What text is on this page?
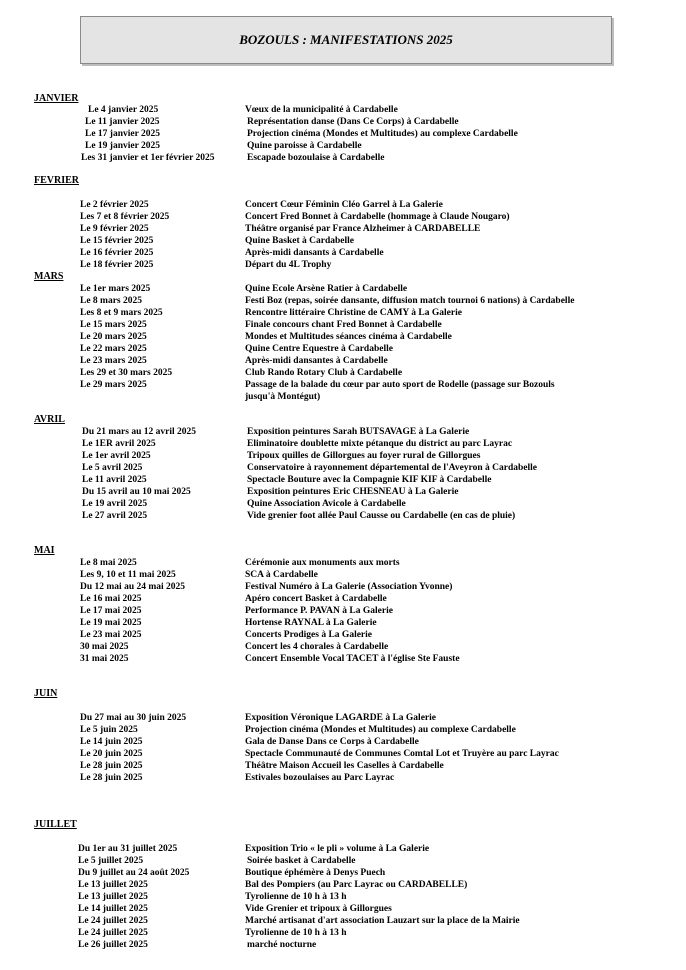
BOZOULS : MANIFESTATIONS 2025
JANVIER
Le 4 janvier 2025	Vœux de la municipalité à Cardabelle
Le 11 janvier 2025	Représentation danse (Dans Ce Corps) à Cardabelle
Le 17 janvier 2025	Projection cinéma (Mondes et Multitudes) au complexe Cardabelle
Le 19 janvier 2025	Quine paroisse à Cardabelle
Les 31 janvier et 1er février 2025	Escapade bozoulaise à Cardabelle
FEVRIER
Le 2 février 2025	Concert Cœur Féminin Cléo Garrel à La Galerie
Les 7 et 8 février 2025	Concert Fred Bonnet à Cardabelle (hommage à Claude Nougaro)
Le 9 février 2025	Théâtre organisé par France Alzheimer à CARDABELLE
Le 15 février 2025	Quine Basket à Cardabelle
Le 16 février 2025	Après-midi dansants à Cardabelle
Le 18 février 2025	Départ du 4L Trophy
MARS
Le 1er mars 2025	Quine Ecole Arsène Ratier à Cardabelle
Le 8 mars 2025	Festi Boz (repas, soirée dansante, diffusion match tournoi 6 nations) à Cardabelle
Les 8 et 9 mars 2025	Rencontre littéraire Christine de CAMY à La Galerie
Le 15 mars 2025	Finale concours chant Fred Bonnet à Cardabelle
Le 20 mars 2025	Mondes et Multitudes séances cinéma à Cardabelle
Le 22 mars 2025	Quine Centre Equestre à Cardabelle
Le 23 mars 2025	Après-midi dansantes à Cardabelle
Les 29 et 30 mars 2025	Club Rando Rotary Club à Cardabelle
Le 29 mars 2025	Passage de la balade du cœur par auto sport de Rodelle (passage sur Bozouls
jusqu'à Montégut)
AVRIL
Du 21 mars au 12 avril 2025	Exposition peintures Sarah BUTSAVAGE à La Galerie
Le 1ER avril 2025	Eliminatoire doublette mixte pétanque du district au parc Layrac
Le 1er avril 2025	Tripoux quilles de Gillorgues au foyer rural de Gillorgues
Le 5 avril 2025	Conservatoire à rayonnement départemental de l'Aveyron à Cardabelle
Le 11 avril 2025	Spectacle Bouture avec la Compagnie KIF KIF à Cardabelle
Du 15 avril au 10 mai 2025	Exposition peintures Eric CHESNEAU à La Galerie
Le 19 avril 2025	Quine Association Avicole à Cardabelle
Le 27 avril 2025	Vide grenier foot allée Paul Causse ou Cardabelle (en cas de pluie)
MAI
Le 8 mai 2025	Cérémonie aux monuments aux morts
Les 9, 10 et 11 mai 2025	SCA à Cardabelle
Du 12 mai au 24 mai 2025	Festival Numéro à La Galerie (Association Yvonne)
Le 16 mai 2025	Apéro concert Basket à Cardabelle
Le 17 mai 2025	Performance P. PAVAN à La Galerie
Le 19 mai 2025	Hortense RAYNAL à La Galerie
Le 23 mai 2025	Concerts Prodiges à La Galerie
30 mai 2025	Concert les 4 chorales à Cardabelle
31 mai 2025	Concert Ensemble Vocal TACET à l'église Ste Fauste
JUIN
Du 27 mai au 30 juin 2025	Exposition Véronique LAGARDE à La Galerie
Le 5 juin 2025	Projection cinéma (Mondes et Multitudes) au complexe Cardabelle
Le 14 juin 2025	Gala de Danse Dans ce Corps à Cardabelle
Le 20 juin 2025	Spectacle Communauté de Communes Comtal Lot et Truyère au parc Layrac
Le 28 juin 2025	Théâtre Maison Accueil les Caselles à Cardabelle
Le 28 juin 2025	Estivales bozoulaises au Parc Layrac
JUILLET
Du 1er au 31 juillet 2025	Exposition Trio « le pli » volume à La Galerie
Le 5 juillet 2025	Soirée basket à Cardabelle
Du 9 juillet au 24 août 2025	Boutique éphémère à Denys Puech
Le 13 juillet 2025	Bal des Pompiers (au Parc Layrac ou CARDABELLE)
Le 13 juillet 2025	Tyrolienne de 10 h à 13 h
Le 14 juillet 2025	Vide Grenier et tripoux à Gillorgues
Le 24 juillet 2025	Marché artisanat d'art association Lauzart sur la place de la Mairie
Le 24 juillet 2025	Tyrolienne de 10 h à 13 h
Le 26 juillet 2025	marché nocturne
